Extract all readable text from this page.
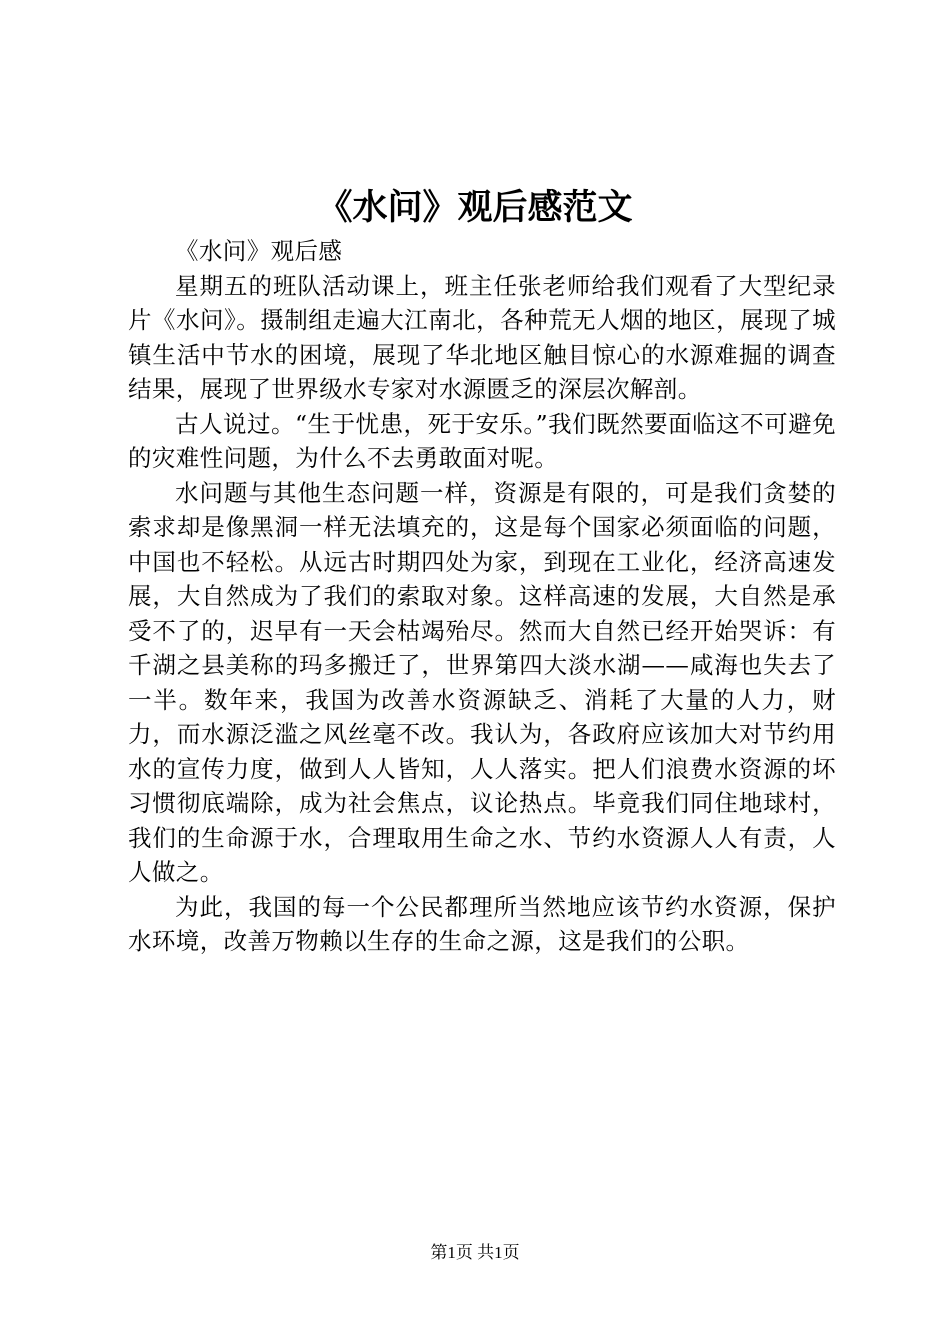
《水问》观后感范文

《水问》观后感

星期五的班队活动课上，班主任张老师给我们观看了大型纪录片《水问》。摄制组走遍大江南北，各种荒无人烟的地区，展现了城镇生活中节水的困境，展现了华北地区触目惊心的水源难掘的调查结果，展现了世界级水专家对水源匮乏的深层次解剖。

古人说过。“生于忧患，死于安乐。”我们既然要面临这不可避免的灾难性问题，为什么不去勇敢面对呢。

水问题与其他生态问题一样，资源是有限的，可是我们贪婪的索求却是像黑洞一样无法填充的，这是每个国家必须面临的问题，中国也不轻松。从远古时期四处为家，到现在工业化，经济高速发展，大自然成为了我们的索取对象。这样高速的发展，大自然是承受不了的，迟早有一天会枯竭殆尽。然而大自然已经开始哭诉：有千湖之县美称的玛多搬迁了，世界第四大淡水湖——咸海也失去了一半。数年来，我国为改善水资源缺乏、消耗了大量的人力，财力，而水源泛滥之风丝毫不改。我认为，各政府应该加大对节约用水的宣传力度，做到人人皆知，人人落实。把人们浪费水资源的坏习惯彻底端除，成为社会焦点，议论热点。毕竟我们同住地球村，我们的生命源于水，合理取用生命之水、节约水资源人人有责，人人做之。

为此，我国的每一个公民都理所当然地应该节约水资源，保护水环境，改善万物赖以生存的生命之源，这是我们的公职。

第1页 共1页
